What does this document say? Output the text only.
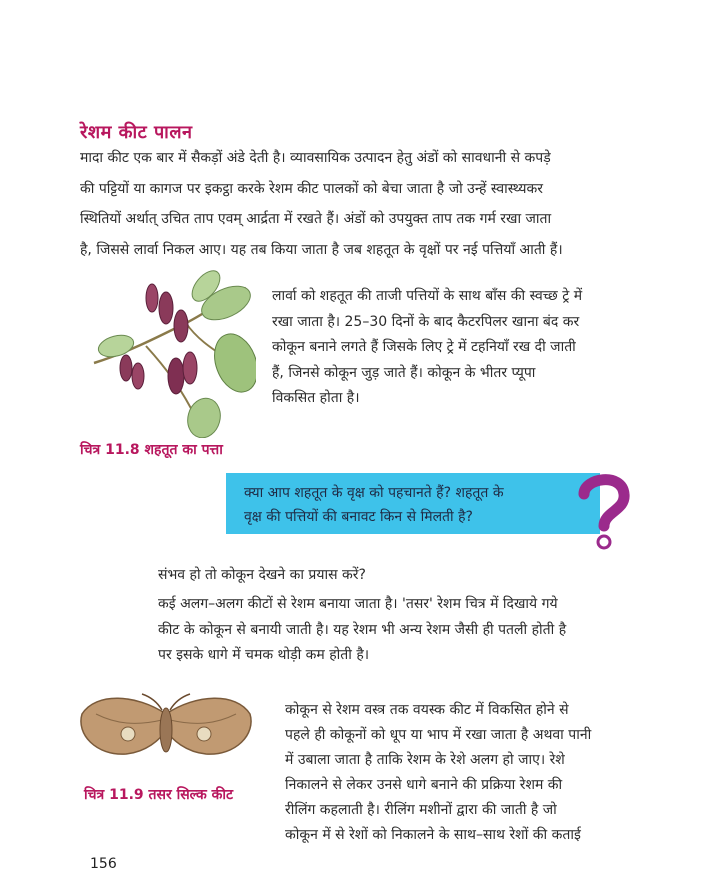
रेशम कीट पालन

मादा कीट एक बार में सैकड़ों अंडे देती है। व्यावसायिक उत्पादन हेतु अंडों को सावधानी से कपड़े

की पट्टियों या कागज पर इकट्ठा करके रेशम कीट पालकों को बेचा जाता है जो उन्हें स्वास्थ्यकर

स्थितियों अर्थात् उचित ताप एवम् आर्द्रता में रखते हैं। अंडों को उपयुक्त ताप तक गर्म रखा जाता

है, जिससे लार्वा निकल आए। यह तब किया जाता है जब शहतूत के वृक्षों पर नई पत्तियाँ आती हैं।

चित्र 11.8 शहतूत का पत्ता

लार्वा को शहतूत की ताजी पत्तियों के साथ बाँस की स्वच्छ ट्रे में

रखा जाता है। 25–30 दिनों के बाद कैटरपिलर खाना बंद कर

कोकून बनाने लगते हैं जिसके लिए ट्रे में टहनियाँ रख दी जाती

हैं, जिनसे कोकून जुड़ जाते हैं। कोकून के भीतर प्यूपा

विकसित होता है।

क्या आप शहतूत के वृक्ष को पहचानते हैं? शहतूत के
वृक्ष की पत्तियों की बनावट किन से मिलती है?
संभव हो तो कोकून देखने का प्रयास करें?

कई अलग–अलग कीटों से रेशम बनाया जाता है। 'तसर' रेशम चित्र में दिखाये गये

कीट के कोकून से बनायी जाती है। यह रेशम भी अन्य रेशम जैसी ही पतली होती है

पर इसके धागे में चमक थोड़ी कम होती है।

चित्र 11.9 तसर सिल्क कीट

कोकून से रेशम वस्त्र तक वयस्क कीट में विकसित होने से

पहले ही कोकूनों को धूप या भाप में रखा जाता है अथवा पानी

में उबाला जाता है ताकि रेशम के रेशे अलग हो जाए। रेशे

निकालने से लेकर उनसे धागे बनाने की प्रक्रिया रेशम की

रीलिंग कहलाती है। रीलिंग मशीनों द्वारा की जाती है जो

कोकून में से रेशों को निकालने के साथ–साथ रेशों की कताई

156
